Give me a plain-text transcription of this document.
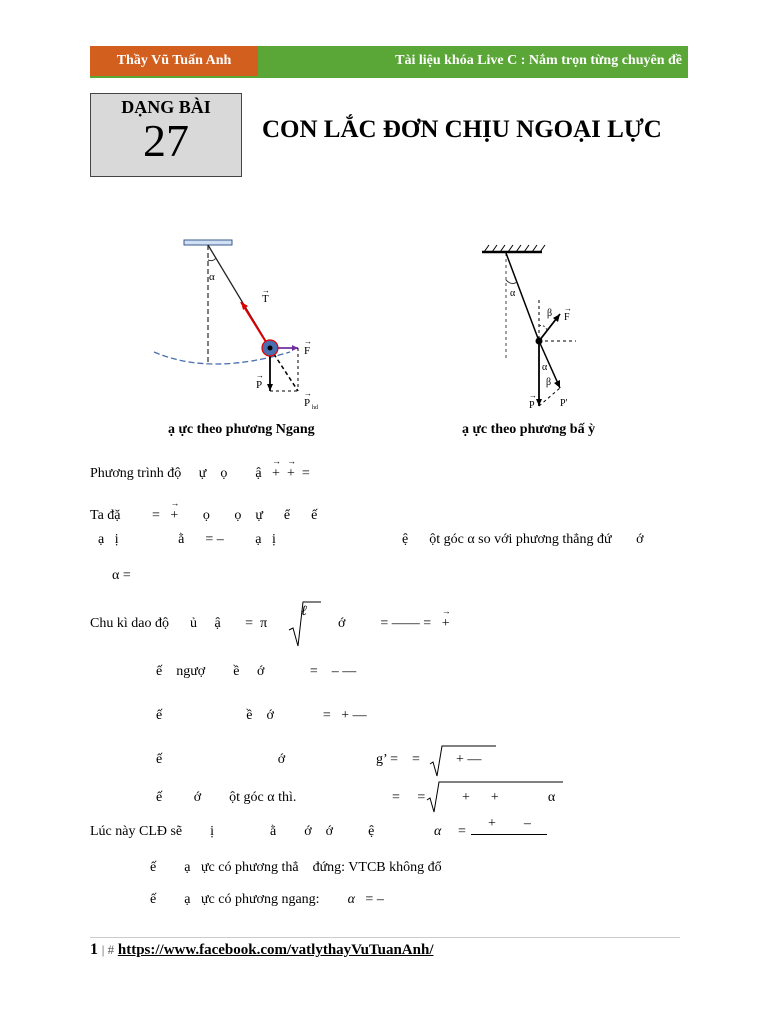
Thầy Vũ Tuấn Anh	Tài liệu khóa Live C : Nắm trọn từng chuyên đề
DẠNG BÀI
27	CON LẮC ĐƠN CHỊU NGOẠI LỰC
α
T
→
F
→
P
→
P hd
→
ạ ực theo phương Ngang
α
F
→
β
P
→
α
β
P'
ạ ực theo phương bấ ỳ
Phương trình độ ự ọ ậ → + → + =
Ta đặ = → + ọ ọ ự ể ế
ạ ị	ằ = – ạ ị	ệ ột góc α so với phương thẳng đứ ớ
α =
Chu kì dao độ ủ ậ = π
ℓ
ớ	= —— = → +
ế ngượ ề ớ	= – —
ế	ề ớ	= + —
ế	ớ	g’ = =	+ —
ế ớ ột góc α thì.	= =	+ +	α
Lúc này CLĐ sẽ ị	ằ ớ ớ	ệ	α =
+ –
ế ạ ực có phương thẳ đứng: VTCB không đổ
ế ạ ực có phương ngang: α = –
1 | # https://www.facebook.com/vatlythayVuTuanAnh/
